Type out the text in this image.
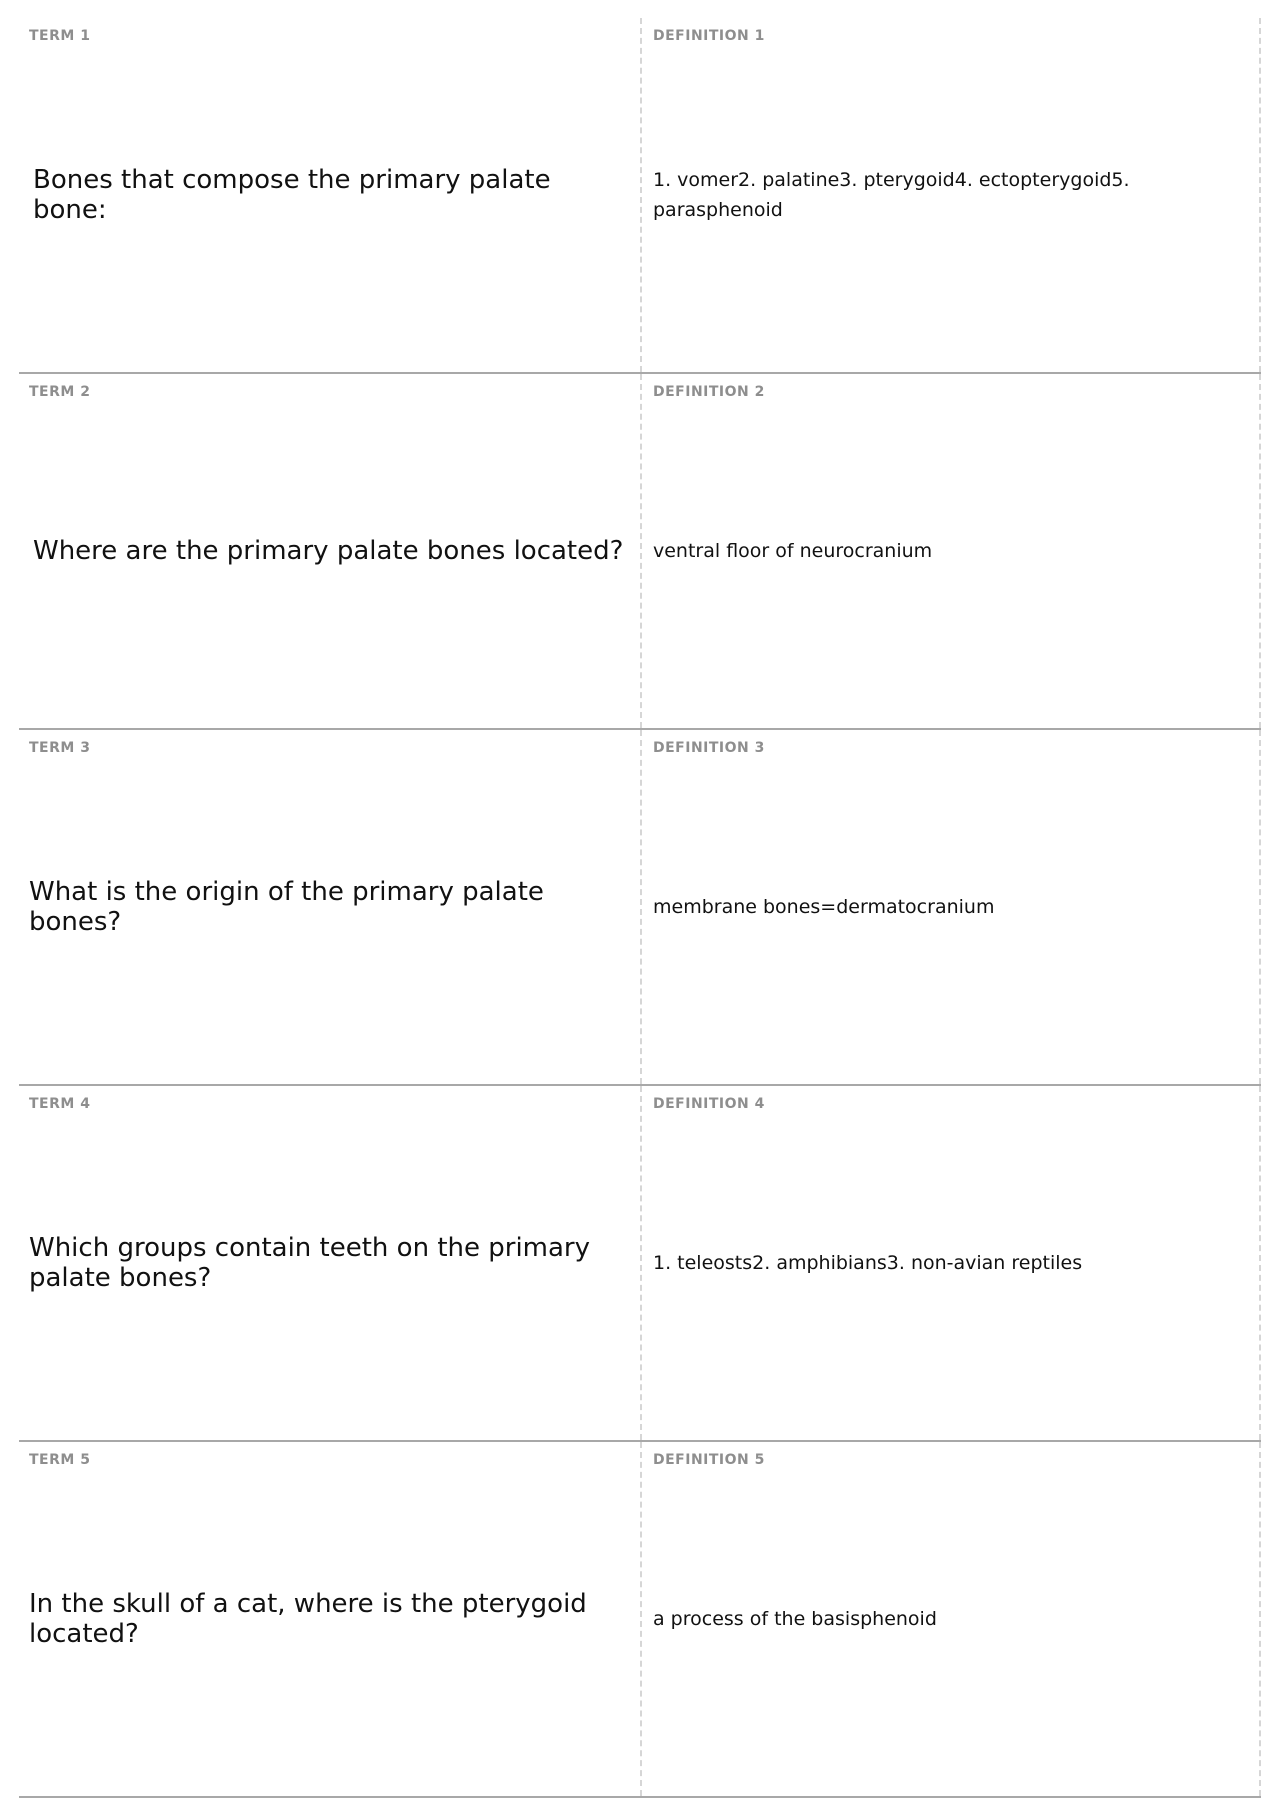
TERM 1
Bones that compose the primary palate bone:
DEFINITION 1
1. vomer2. palatine3. pterygoid4. ectopterygoid5. parasphenoid
TERM 2
Where are the primary palate bones located?
DEFINITION 2
ventral floor of neurocranium
TERM 3
What is the origin of the primary palate bones?
DEFINITION 3
membrane bones=dermatocranium
TERM 4
Which groups contain teeth on the primary palate bones?
DEFINITION 4
1. teleosts2. amphibians3. non-avian reptiles
TERM 5
In the skull of a cat, where is the pterygoid located?
DEFINITION 5
a process of the basisphenoid
